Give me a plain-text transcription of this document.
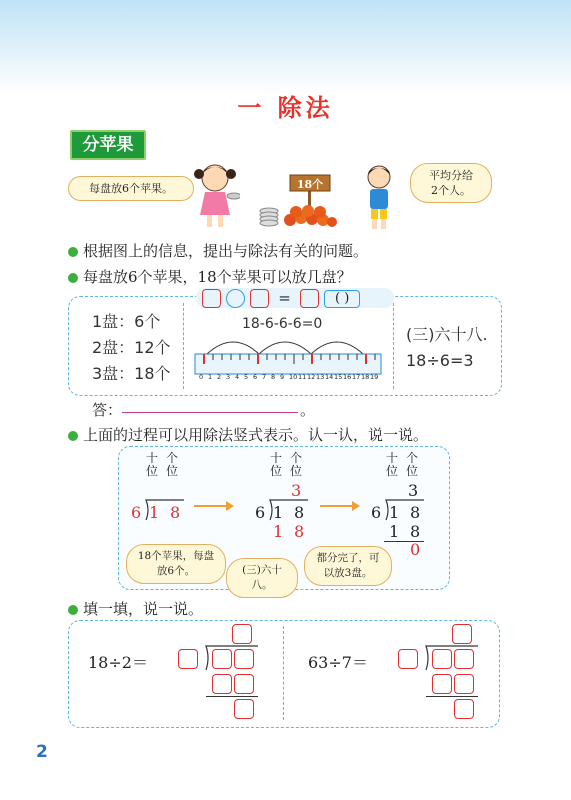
一 除法
分苹果
每盘放6个苹果。	18个
平均分给
2个人。
根据图上的信息，提出与除法有关的问题。
每盘放6个苹果，18个苹果可以放几盘？
=	( )
1盘：6个
2盘：12个
3盘：18个
18-6-6-6=0
0 1 2 3 4 5 6 7 8 9 10 11 12 13 14 15 16 17 18 19
(三)六十八.
18÷6=3
答：	。
上面的过程可以用除法竖式表示。认一认，说一说。
十
位
个
位
6 1 8
十
位
个
位
3
6 1 8
1 8
十
位
个
位
3
6 1 8
1 8
0
18个苹果，每盘放6个。	(三)六十八。
都分完了，可以放3盘。
填一填，说一说。
18÷2＝	63÷7＝
2
